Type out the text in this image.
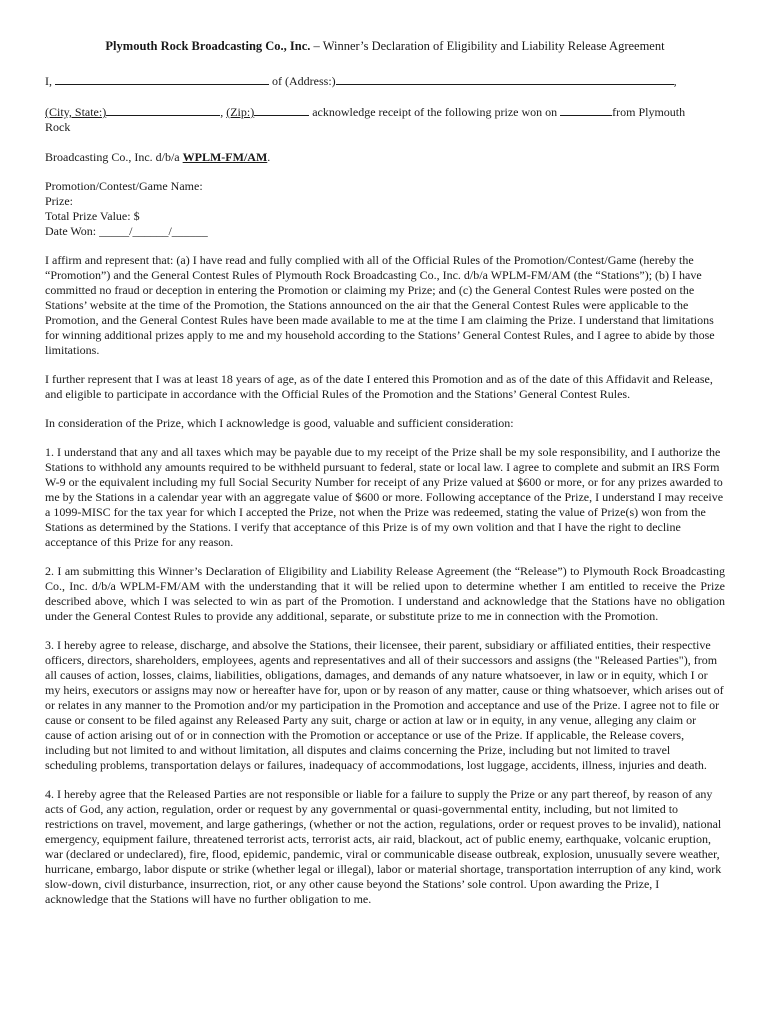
Plymouth Rock Broadcasting Co., Inc. – Winner’s Declaration of Eligibility and Liability Release Agreement

I,	of (Address:)	,

(City, State:)	, (Zip:)	acknowledge receipt of the following prize won on	from Plymouth

Rock

Broadcasting Co., Inc. d/b/a WPLM-FM/AM.

Promotion/Contest/Game Name:

Prize:

Total Prize Value: $

Date Won: _____/______/______

I affirm and represent that: (a) I have read and fully complied with all of the Official Rules of the Promotion/Contest/Game (hereby the “Promotion”) and the General Contest Rules of Plymouth Rock Broadcasting Co., Inc. d/b/a WPLM-FM/AM (the “Stations”); (b) I have committed no fraud or deception in entering the Promotion or claiming my Prize; and (c) the General Contest Rules were posted on the Stations’ website at the time of the Promotion, the Stations announced on the air that the General Contest Rules were applicable to the Promotion, and the General Contest Rules have been made available to me at the time I am claiming the Prize. I understand that limitations for winning additional prizes apply to me and my household according to the Stations’ General Contest Rules, and I agree to abide by those limitations.

I further represent that I was at least 18 years of age, as of the date I entered this Promotion and as of the date of this Affidavit and Release, and eligible to participate in accordance with the Official Rules of the Promotion and the Stations’ General Contest Rules.

In consideration of the Prize, which I acknowledge is good, valuable and sufficient consideration:

1. I understand that any and all taxes which may be payable due to my receipt of the Prize shall be my sole responsibility, and I authorize the Stations to withhold any amounts required to be withheld pursuant to federal, state or local law. I agree to complete and submit an IRS Form W-9 or the equivalent including my full Social Security Number for receipt of any Prize valued at $600 or more, or for any prizes awarded to me by the Stations in a calendar year with an aggregate value of $600 or more. Following acceptance of the Prize, I understand I may receive a 1099-MISC for the tax year for which I accepted the Prize, not when the Prize was redeemed, stating the value of Prize(s) won from the Stations as determined by the Stations. I verify that acceptance of this Prize is of my own volition and that I have the right to decline acceptance of this Prize for any reason.

2. I am submitting this Winner’s Declaration of Eligibility and Liability Release Agreement (the “Release”) to Plymouth Rock Broadcasting Co., Inc. d/b/a WPLM-FM/AM with the understanding that it will be relied upon to determine whether I am entitled to receive the Prize described above, which I was selected to win as part of the Promotion. I understand and acknowledge that the Stations have no obligation under the General Contest Rules to provide any additional, separate, or substitute prize to me in connection with the Promotion.

3. I hereby agree to release, discharge, and absolve the Stations, their licensee, their parent, subsidiary or affiliated entities, their respective officers, directors, shareholders, employees, agents and representatives and all of their successors and assigns (the "Released Parties"), from all causes of action, losses, claims, liabilities, obligations, damages, and demands of any nature whatsoever, in law or in equity, which I or my heirs, executors or assigns may now or hereafter have for, upon or by reason of any matter, cause or thing whatsoever, which arises out of or relates in any manner to the Promotion and/or my participation in the Promotion and acceptance and use of the Prize. I agree not to file or cause or consent to be filed against any Released Party any suit, charge or action at law or in equity, in any venue, alleging any claim or cause of action arising out of or in connection with the Promotion or acceptance or use of the Prize. If applicable, the Release covers, including but not limited to and without limitation, all disputes and claims concerning the Prize, including but not limited to travel scheduling problems, transportation delays or failures, inadequacy of accommodations, lost luggage, accidents, illness, injuries and death.

4. I hereby agree that the Released Parties are not responsible or liable for a failure to supply the Prize or any part thereof, by reason of any acts of God, any action, regulation, order or request by any governmental or quasi-governmental entity, including, but not limited to restrictions on travel, movement, and large gatherings, (whether or not the action, regulations, order or request proves to be invalid), national emergency, equipment failure, threatened terrorist acts, terrorist acts, air raid, blackout, act of public enemy, earthquake, volcanic eruption, war (declared or undeclared), fire, flood, epidemic, pandemic, viral or communicable disease outbreak, explosion, unusually severe weather, hurricane, embargo, labor dispute or strike (whether legal or illegal), labor or material shortage, transportation interruption of any kind, work slow-down, civil disturbance, insurrection, riot, or any other cause beyond the Stations’ sole control. Upon awarding the Prize, I acknowledge that the Stations will have no further obligation to me.
